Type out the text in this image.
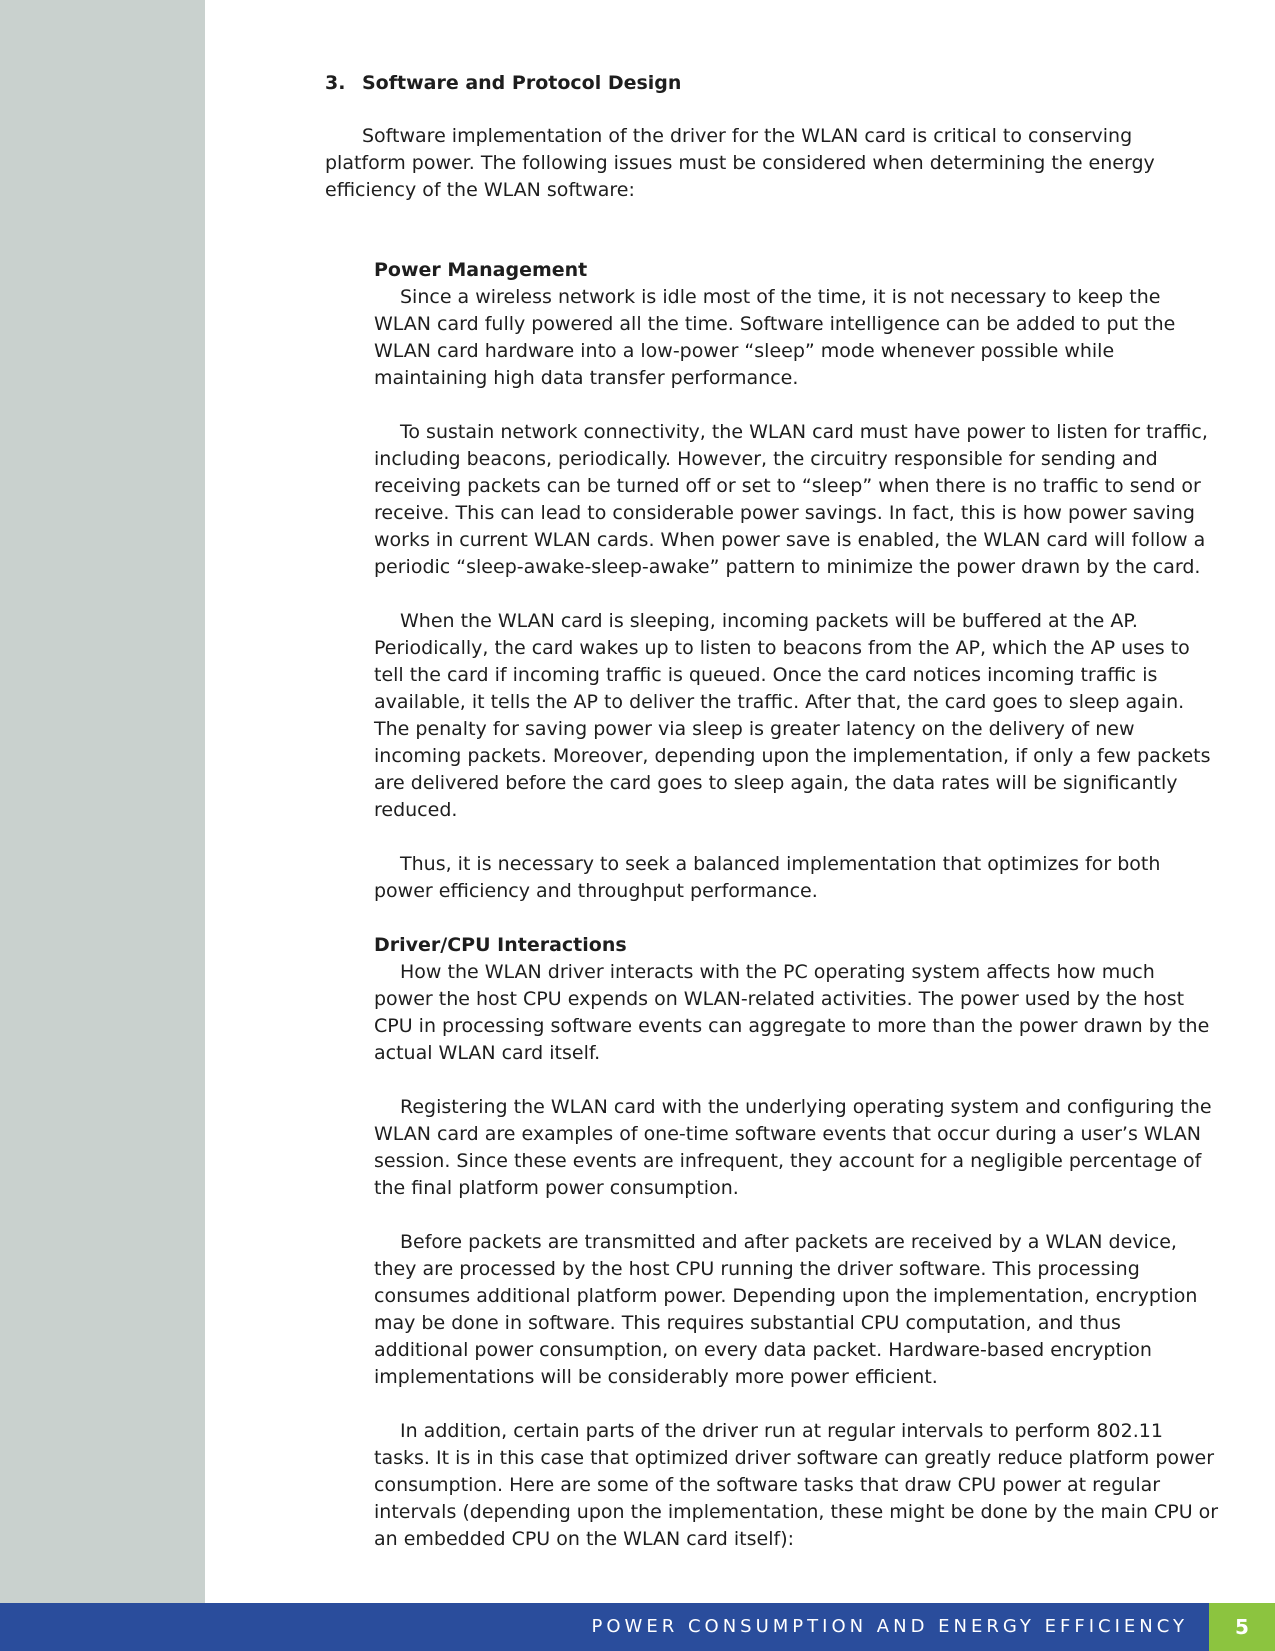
3. Software and Protocol Design

Software implementation of the driver for the WLAN card is critical to conserving platform power. The following issues must be considered when determining the energy efficiency of the WLAN software:

Power Management

Since a wireless network is idle most of the time, it is not necessary to keep the WLAN card fully powered all the time. Software intelligence can be added to put the WLAN card hardware into a low-power “sleep” mode whenever possible while maintaining high data transfer performance.

To sustain network connectivity, the WLAN card must have power to listen for traffic, including beacons, periodically. However, the circuitry responsible for sending and receiving packets can be turned off or set to “sleep” when there is no traffic to send or receive. This can lead to considerable power savings. In fact, this is how power saving works in current WLAN cards. When power save is enabled, the WLAN card will follow a periodic “sleep-awake-sleep-awake” pattern to minimize the power drawn by the card.

When the WLAN card is sleeping, incoming packets will be buffered at the AP. Periodically, the card wakes up to listen to beacons from the AP, which the AP uses to tell the card if incoming traffic is queued. Once the card notices incoming traffic is available, it tells the AP to deliver the traffic. After that, the card goes to sleep again. The penalty for saving power via sleep is greater latency on the delivery of new incoming packets. Moreover, depending upon the implementation, if only a few packets are delivered before the card goes to sleep again, the data rates will be significantly reduced.

Thus, it is necessary to seek a balanced implementation that optimizes for both power efficiency and throughput performance.

Driver/CPU Interactions

How the WLAN driver interacts with the PC operating system affects how much power the host CPU expends on WLAN-related activities. The power used by the host CPU in processing software events can aggregate to more than the power drawn by the actual WLAN card itself.

Registering the WLAN card with the underlying operating system and configuring the WLAN card are examples of one-time software events that occur during a user’s WLAN session. Since these events are infrequent, they account for a negligible percentage of the final platform power consumption.

Before packets are transmitted and after packets are received by a WLAN device, they are processed by the host CPU running the driver software. This processing consumes additional platform power. Depending upon the implementation, encryption may be done in software. This requires substantial CPU computation, and thus additional power consumption, on every data packet. Hardware-based encryption implementations will be considerably more power efficient.

In addition, certain parts of the driver run at regular intervals to perform 802.11 tasks. It is in this case that optimized driver software can greatly reduce platform power consumption. Here are some of the software tasks that draw CPU power at regular intervals (depending upon the implementation, these might be done by the main CPU or an embedded CPU on the WLAN card itself):

POWER CONSUMPTION AND ENERGY EFFICIENCY	5
